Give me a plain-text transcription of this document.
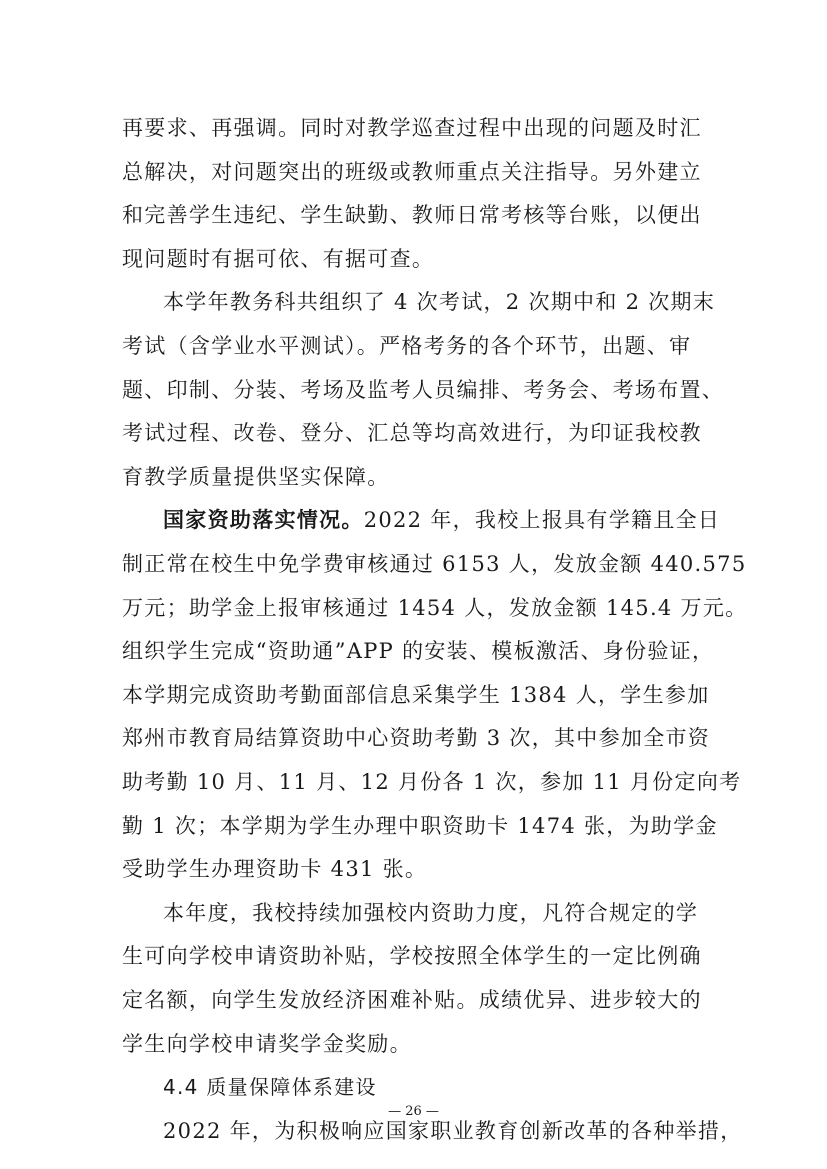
再要求、再强调。同时对教学巡查过程中出现的问题及时汇
总解决，对问题突出的班级或教师重点关注指导。另外建立
和完善学生违纪、学生缺勤、教师日常考核等台账，以便出
现问题时有据可依、有据可查。
本学年教务科共组织了 4 次考试，2 次期中和 2 次期末
考试（含学业水平测试）。严格考务的各个环节，出题、审
题、印制、分装、考场及监考人员编排、考务会、考场布置、
考试过程、改卷、登分、汇总等均高效进行，为印证我校教
育教学质量提供坚实保障。
国家资助落实情况。2022 年，我校上报具有学籍且全日
制正常在校生中免学费审核通过 6153 人，发放金额 440.575
万元；助学金上报审核通过 1454 人，发放金额 145.4 万元。
组织学生完成“资助通”APP 的安装、模板激活、身份验证，
本学期完成资助考勤面部信息采集学生 1384 人，学生参加
郑州市教育局结算资助中心资助考勤 3 次，其中参加全市资
助考勤 10 月、11 月、12 月份各 1 次，参加 11 月份定向考
勤 1 次；本学期为学生办理中职资助卡 1474 张，为助学金
受助学生办理资助卡 431 张。
本年度，我校持续加强校内资助力度，凡符合规定的学
生可向学校申请资助补贴，学校按照全体学生的一定比例确
定名额，向学生发放经济困难补贴。成绩优异、进步较大的
学生向学校申请奖学金奖励。
4.4 质量保障体系建设
2022 年，为积极响应国家职业教育创新改革的各种举措，
— 26 —
